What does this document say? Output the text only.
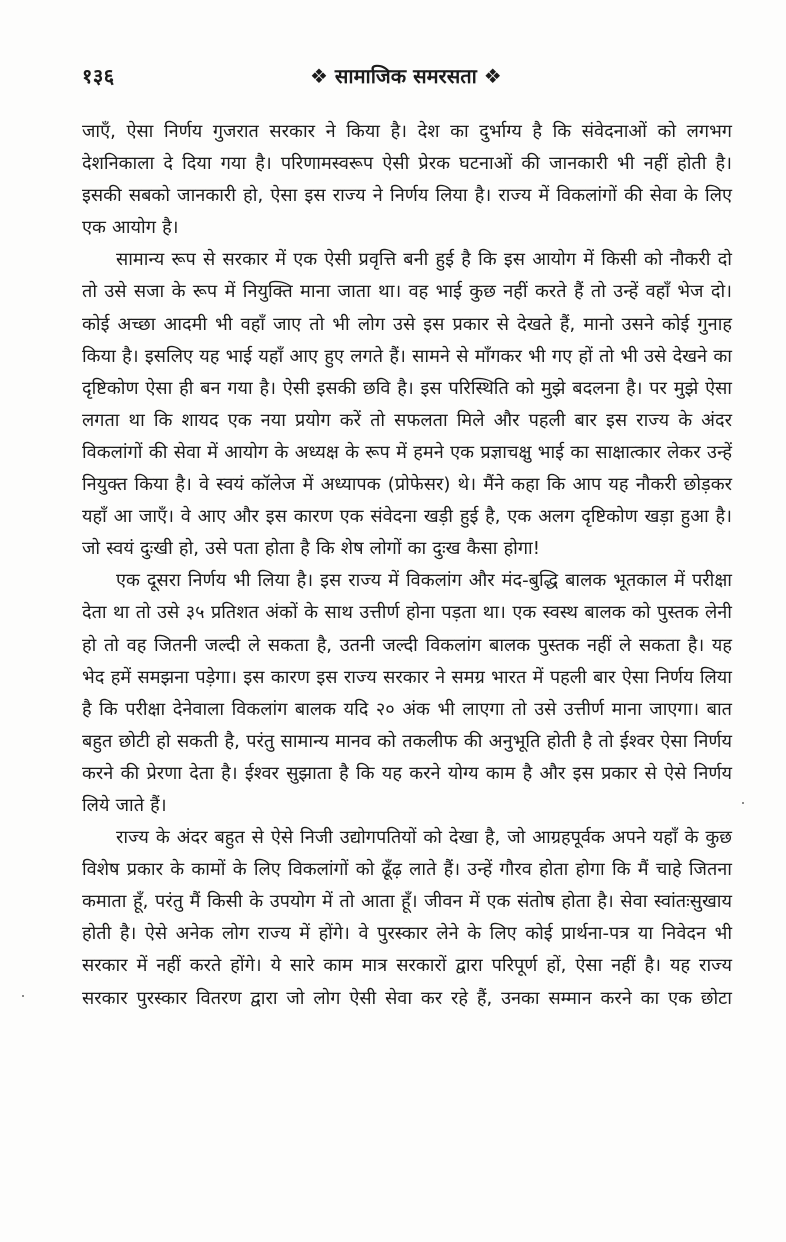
१३६	❖ सामाजिक समरसता ❖

जाएँ, ऐसा निर्णय गुजरात सरकार ने किया है। देश का दुर्भाग्य है कि संवेदनाओं को लगभग देशनिकाला दे दिया गया है। परिणामस्वरूप ऐसी प्रेरक घटनाओं की जानकारी भी नहीं होती है। इसकी सबको जानकारी हो, ऐसा इस राज्य ने निर्णय लिया है। राज्य में विकलांगों की सेवा के लिए एक आयोग है।

सामान्य रूप से सरकार में एक ऐसी प्रवृत्ति बनी हुई है कि इस आयोग में किसी को नौकरी दो तो उसे सजा के रूप में नियुक्ति माना जाता था। वह भाई कुछ नहीं करते हैं तो उन्हें वहाँ भेज दो। कोई अच्छा आदमी भी वहाँ जाए तो भी लोग उसे इस प्रकार से देखते हैं, मानो उसने कोई गुनाह किया है। इसलिए यह भाई यहाँ आए हुए लगते हैं। सामने से माँगकर भी गए हों तो भी उसे देखने का दृष्टिकोण ऐसा ही बन गया है। ऐसी इसकी छवि है। इस परिस्थिति को मुझे बदलना है। पर मुझे ऐसा लगता था कि शायद एक नया प्रयोग करें तो सफलता मिले और पहली बार इस राज्य के अंदर विकलांगों की सेवा में आयोग के अध्यक्ष के रूप में हमने एक प्रज्ञाचक्षु भाई का साक्षात्कार लेकर उन्हें नियुक्त किया है। वे स्वयं कॉलेज में अध्यापक (प्रोफेसर) थे। मैंने कहा कि आप यह नौकरी छोड़कर यहाँ आ जाएँ। वे आए और इस कारण एक संवेदना खड़ी हुई है, एक अलग दृष्टिकोण खड़ा हुआ है। जो स्वयं दुःखी हो, उसे पता होता है कि शेष लोगों का दुःख कैसा होगा!

एक दूसरा निर्णय भी लिया है। इस राज्य में विकलांग और मंद-बुद्धि बालक भूतकाल में परीक्षा देता था तो उसे ३५ प्रतिशत अंकों के साथ उत्तीर्ण होना पड़ता था। एक स्वस्थ बालक को पुस्तक लेनी हो तो वह जितनी जल्दी ले सकता है, उतनी जल्दी विकलांग बालक पुस्तक नहीं ले सकता है। यह भेद हमें समझना पड़ेगा। इस कारण इस राज्य सरकार ने समग्र भारत में पहली बार ऐसा निर्णय लिया है कि परीक्षा देनेवाला विकलांग बालक यदि २० अंक भी लाएगा तो उसे उत्तीर्ण माना जाएगा। बात बहुत छोटी हो सकती है, परंतु सामान्य मानव को तकलीफ की अनुभूति होती है तो ईश्वर ऐसा निर्णय करने की प्रेरणा देता है। ईश्वर सुझाता है कि यह करने योग्य काम है और इस प्रकार से ऐसे निर्णय लिये जाते हैं।

राज्य के अंदर बहुत से ऐसे निजी उद्योगपतियों को देखा है, जो आग्रहपूर्वक अपने यहाँ के कुछ विशेष प्रकार के कामों के लिए विकलांगों को ढूँढ़ लाते हैं। उन्हें गौरव होता होगा कि मैं चाहे जितना कमाता हूँ, परंतु मैं किसी के उपयोग में तो आता हूँ। जीवन में एक संतोष होता है। सेवा स्वांतःसुखाय होती है। ऐसे अनेक लोग राज्य में होंगे। वे पुरस्कार लेने के लिए कोई प्रार्थना-पत्र या निवेदन भी सरकार में नहीं करते होंगे। ये सारे काम मात्र सरकारों द्वारा परिपूर्ण हों, ऐसा नहीं है। यह राज्य सरकार पुरस्कार वितरण द्वारा जो लोग ऐसी सेवा कर रहे हैं, उनका सम्मान करने का एक छोटा
